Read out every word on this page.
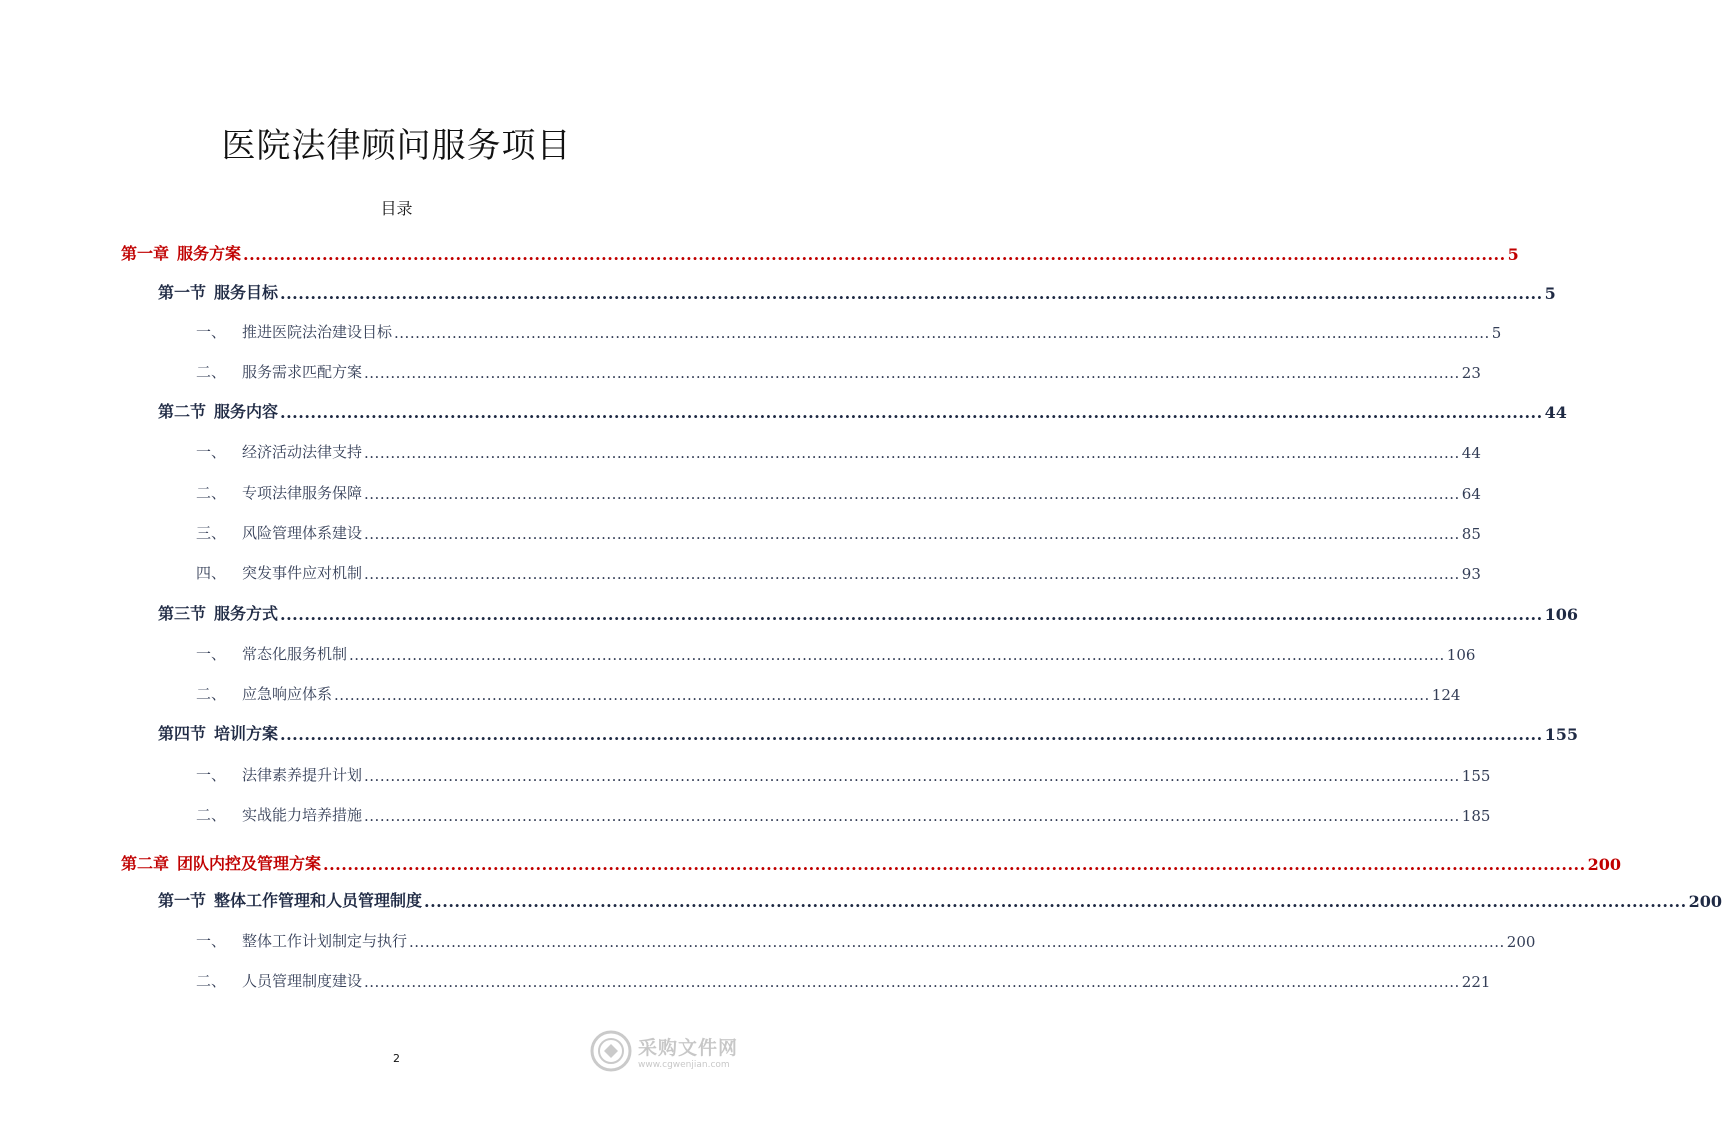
医院法律顾问服务项目
目录
第一章 服务方案 ................................................................................................................................................................................................................ 5
第一节 服务目标 ................................................................................................................................................................................................................ 5
一、 推进医院法治建设目标 ................................................................................................................................................................................................................ 5
二、 服务需求匹配方案 ................................................................................................................................................................................................................ 23
第二节 服务内容 ................................................................................................................................................................................................................ 44
一、 经济活动法律支持 ................................................................................................................................................................................................................ 44
二、 专项法律服务保障 ................................................................................................................................................................................................................ 64
三、 风险管理体系建设 ................................................................................................................................................................................................................ 85
四、 突发事件应对机制 ................................................................................................................................................................................................................ 93
第三节 服务方式 ................................................................................................................................................................................................................ 106
一、 常态化服务机制 ................................................................................................................................................................................................................ 106
二、 应急响应体系 ................................................................................................................................................................................................................ 124
第四节 培训方案 ................................................................................................................................................................................................................ 155
一、 法律素养提升计划 ................................................................................................................................................................................................................ 155
二、 实战能力培养措施 ................................................................................................................................................................................................................ 185
第二章 团队内控及管理方案 ................................................................................................................................................................................................................ 200
第一节 整体工作管理和人员管理制度 ................................................................................................................................................................................................................ 200
一、 整体工作计划制定与执行 ................................................................................................................................................................................................................ 200
二、 人员管理制度建设 ................................................................................................................................................................................................................ 221
2	采购文件网
www.cgwenjian.com
